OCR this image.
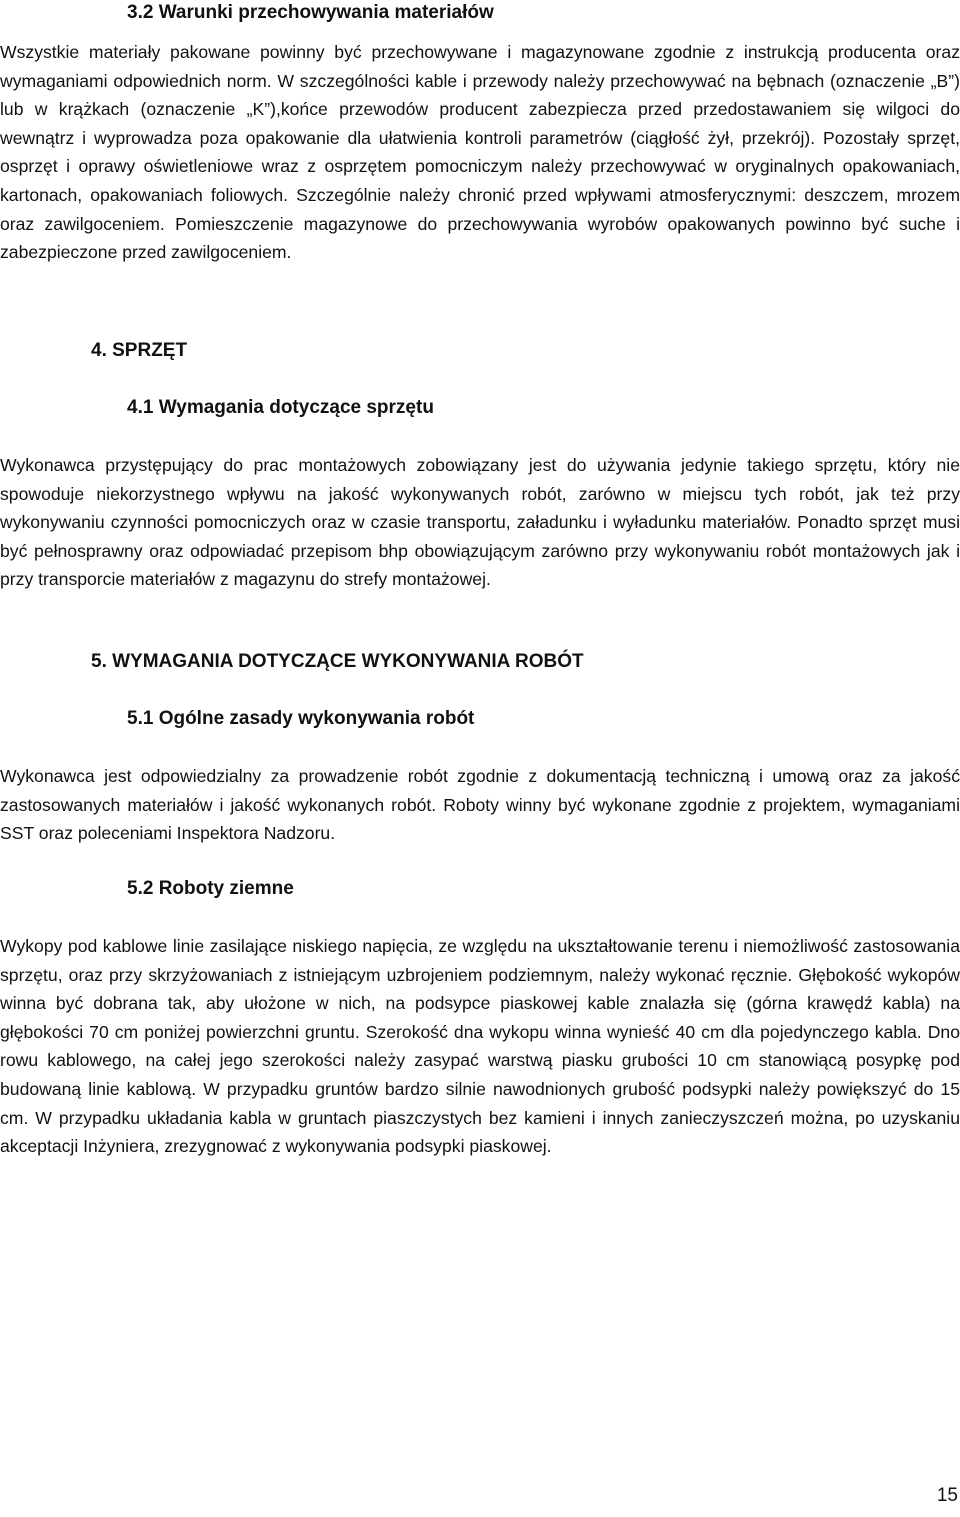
3.2 Warunki przechowywania materiałów

Wszystkie materiały pakowane powinny być przechowywane i magazynowane zgodnie z instrukcją producenta oraz wymaganiami odpowiednich norm. W szczególności kable i przewody należy przechowywać na bębnach (oznaczenie „B”) lub w krążkach (oznaczenie „K”),końce przewodów producent zabezpiecza przed przedostawaniem się wilgoci do wewnątrz i wyprowadza poza opakowanie dla ułatwienia kontroli parametrów (ciągłość żył, przekrój). Pozostały sprzęt, osprzęt i oprawy oświetleniowe wraz z osprzętem pomocniczym należy przechowywać w oryginalnych opakowaniach, kartonach, opakowaniach foliowych. Szczególnie należy chronić przed wpływami atmosferycznymi: deszczem, mrozem oraz zawilgoceniem. Pomieszczenie magazynowe do przechowywania wyrobów opakowanych powinno być suche i zabezpieczone przed zawilgoceniem.

4. SPRZĘT
4.1 Wymagania dotyczące sprzętu

Wykonawca przystępujący do prac montażowych zobowiązany jest do używania jedynie takiego sprzętu, który nie spowoduje niekorzystnego wpływu na jakość wykonywanych robót, zarówno w miejscu tych robót, jak też przy wykonywaniu czynności pomocniczych oraz w czasie transportu, załadunku i wyładunku materiałów. Ponadto sprzęt musi być pełnosprawny oraz odpowiadać przepisom bhp obowiązującym zarówno przy wykonywaniu robót montażowych jak i przy transporcie materiałów z magazynu do strefy montażowej.

5. WYMAGANIA DOTYCZĄCE WYKONYWANIA ROBÓT
5.1 Ogólne zasady wykonywania robót

Wykonawca jest odpowiedzialny za prowadzenie robót zgodnie z dokumentacją techniczną i umową oraz za jakość zastosowanych materiałów i jakość wykonanych robót. Roboty winny być wykonane zgodnie z projektem, wymaganiami SST oraz poleceniami Inspektora Nadzoru.

5.2 Roboty ziemne

Wykopy pod kablowe linie zasilające niskiego napięcia, ze względu na ukształtowanie terenu i niemożliwość zastosowania sprzętu, oraz przy skrzyżowaniach z istniejącym uzbrojeniem podziemnym, należy wykonać ręcznie. Głębokość wykopów winna być dobrana tak, aby ułożone w nich, na podsypce piaskowej kable znalazła się (górna krawędź kabla) na głębokości 70 cm poniżej powierzchni gruntu. Szerokość dna wykopu winna wynieść 40 cm dla pojedynczego kabla. Dno rowu kablowego, na całej jego szerokości należy zasypać warstwą piasku grubości 10 cm stanowiącą posypkę pod budowaną linie kablową. W przypadku gruntów bardzo silnie nawodnionych grubość podsypki należy powiększyć do 15 cm. W przypadku układania kabla w gruntach piaszczystych bez kamieni i innych zanieczyszczeń można, po uzyskaniu akceptacji Inżyniera, zrezygnować z wykonywania podsypki piaskowej.

15
